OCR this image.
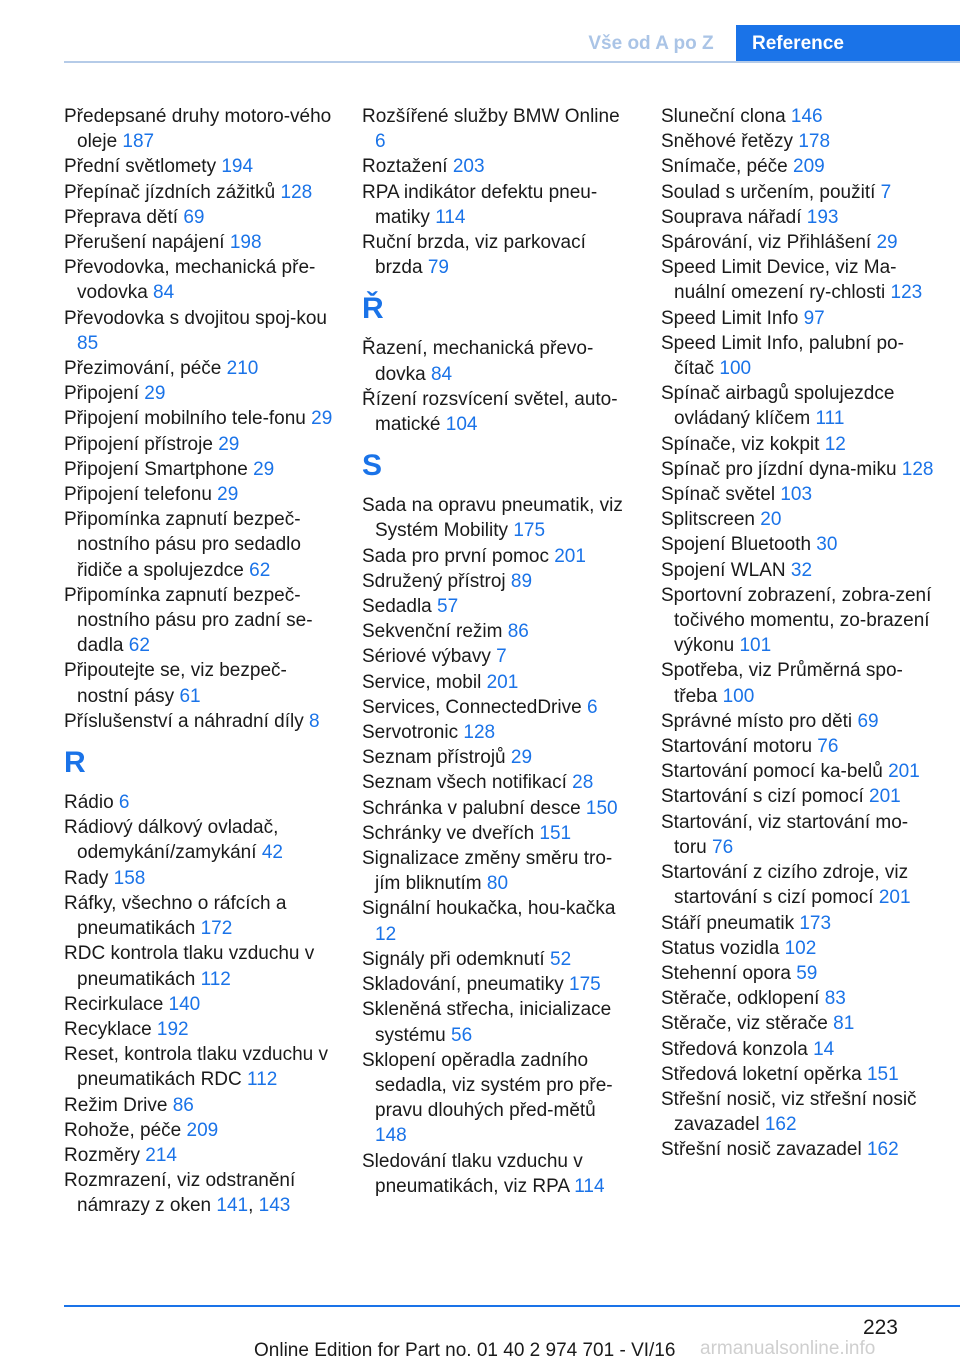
Vše od A po Z	Reference

Předepsané druhy motoro‐vého oleje 187

Přední světlomety 194

Přepínač jízdních zážitků 128

Přeprava dětí 69

Přerušení napájení 198

Převodovka, mechanická pře‐vodovka 84

Převodovka s dvojitou spoj‐kou 85

Přezimování, péče 210

Připojení 29

Připojení mobilního tele‐fonu 29

Připojení přístroje 29

Připojení Smartphone 29

Připojení telefonu 29

Připomínka zapnutí bezpeč‐nostního pásu pro sedadlo řidiče a spolujezdce 62

Připomínka zapnutí bezpeč‐nostního pásu pro zadní se‐dadla 62

Připoutejte se, viz bezpeč‐nostní pásy 61

Příslušenství a náhradní díly 8

R

Rádio 6

Rádiový dálkový ovladač, odemykání/zamykání 42

Rady 158

Ráfky, všechno o ráfcích a pneumatikách 172

RDC kontrola tlaku vzduchu v pneumatikách 112

Recirkulace 140

Recyklace 192

Reset, kontrola tlaku vzduchu v pneumatikách RDC 112

Režim Drive 86

Rohože, péče 209

Rozměry 214

Rozmrazení, viz odstranění námrazy z oken 141, 143

Rozšířené služby BMW Online 6

Roztažení 203

RPA indikátor defektu pneu‐matiky 114

Ruční brzda, viz parkovací brzda 79

Ř

Řazení, mechanická převo‐dovka 84

Řízení rozsvícení světel, auto‐matické 104

S

Sada na opravu pneumatik, viz Systém Mobility 175

Sada pro první pomoc 201

Sdružený přístroj 89

Sedadla 57

Sekvenční režim 86

Sériové výbavy 7

Service, mobil 201

Services, ConnectedDrive 6

Servotronic 128

Seznam přístrojů 29

Seznam všech notifikací 28

Schránka v palubní desce 150

Schránky ve dveřích 151

Signalizace změny směru tro‐jím bliknutím 80

Signální houkačka, hou‐kačka 12

Signály při odemknutí 52

Skladování, pneumatiky 175

Skleněná střecha, inicializace systému 56

Sklopení opěradla zadního sedadla, viz systém pro pře‐pravu dlouhých před‐mětů 148

Sledování tlaku vzduchu v pneumatikách, viz RPA 114

Sluneční clona 146

Sněhové řetězy 178

Snímače, péče 209

Soulad s určením, použití 7

Souprava nářadí 193

Spárování, viz Přihlášení 29

Speed Limit Device, viz Ma‐nuální omezení ry‐chlosti 123

Speed Limit Info 97

Speed Limit Info, palubní po‐čítač 100

Spínač airbagů spolujezdce ovládaný klíčem 111

Spínače, viz kokpit 12

Spínač pro jízdní dyna‐miku 128

Spínač světel 103

Splitscreen 20

Spojení Bluetooth 30

Spojení WLAN 32

Sportovní zobrazení, zobra‐zení točivého momentu, zo‐brazení výkonu 101

Spotřeba, viz Průměrná spo‐třeba 100

Správné místo pro děti 69

Startování motoru 76

Startování pomocí ka‐belů 201

Startování s cizí pomocí 201

Startování, viz startování mo‐toru 76

Startování z cizího zdroje, viz startování s cizí pomocí 201

Stáří pneumatik 173

Status vozidla 102

Stehenní opora 59

Stěrače, odklopení 83

Stěrače, viz stěrače 81

Středová konzola 14

Středová loketní opěrka 151

Střešní nosič, viz střešní nosič zavazadel 162

Střešní nosič zavazadel 162

223
Online Edition for Part no. 01 40 2 974 701 - VI/16	armanualsonline.info
